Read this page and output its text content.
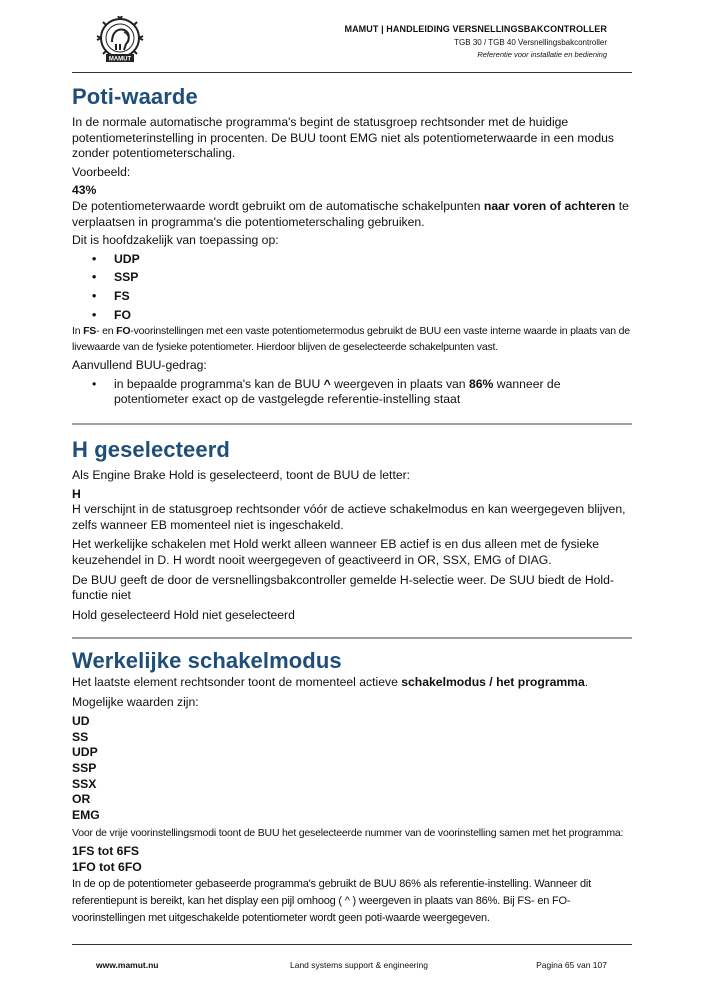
MAMUT
MAMUT | HANDLEIDING VERSNELLINGSBAKCONTROLLER
TGB 30 / TGB 40 Versnellingsbakcontroller
Referentie voor installatie en bediening
Poti-waarde

In de normale automatische programma's begint de statusgroep rechtsonder met de huidige potentiometerinstelling in procenten. De BUU toont EMG niet als potentiometerwaarde in een modus zonder potentiometerschaling.

Voorbeeld:

43%

De potentiometerwaarde wordt gebruikt om de automatische schakelpunten naar voren of achteren te verplaatsen in programma's die potentiometerschaling gebruiken.

Dit is hoofdzakelijk van toepassing op:

• UDP
• SSP
• FS
• FO

In FS- en FO-voorinstellingen met een vaste potentiometermodus gebruikt de BUU een vaste interne waarde in plaats van de livewaarde van de fysieke potentiometer. Hierdoor blijven de geselecteerde schakelpunten vast.

Aanvullend BUU-gedrag:

• in bepaalde programma's kan de BUU ^ weergeven in plaats van 86% wanneer de potentiometer exact op de vastgelegde referentie-instelling staat
H geselecteerd

Als Engine Brake Hold is geselecteerd, toont de BUU de letter:

H

H verschijnt in de statusgroep rechtsonder vóór de actieve schakelmodus en kan weergegeven blijven, zelfs wanneer EB momenteel niet is ingeschakeld.

Het werkelijke schakelen met Hold werkt alleen wanneer EB actief is en dus alleen met de fysieke keuzehendel in D. H wordt nooit weergegeven of geactiveerd in OR, SSX, EMG of DIAG.

De BUU geeft de door de versnellingsbakcontroller gemelde H-selectie weer. De SUU biedt de Hold-functie niet

Hold geselecteerd Hold niet geselecteerd

Werkelijke schakelmodus

Het laatste element rechtsonder toont de momenteel actieve schakelmodus / het programma.

Mogelijke waarden zijn:

UD
SS
UDP
SSP
SSX
OR
EMG

Voor de vrije voorinstellingsmodi toont de BUU het geselecteerde nummer van de voorinstelling samen met het programma:

1FS tot 6FS
1FO tot 6FO

In de op de potentiometer gebaseerde programma's gebruikt de BUU 86% als referentie-instelling. Wanneer dit referentiepunt is bereikt, kan het display een pijl omhoog ( ^ ) weergeven in plaats van 86%. Bij FS- en FO-voorinstellingen met uitgeschakelde potentiometer wordt geen poti-waarde weergegeven.

www.mamut.nu	Land systems support & engineering	Pagina 65 van 107
